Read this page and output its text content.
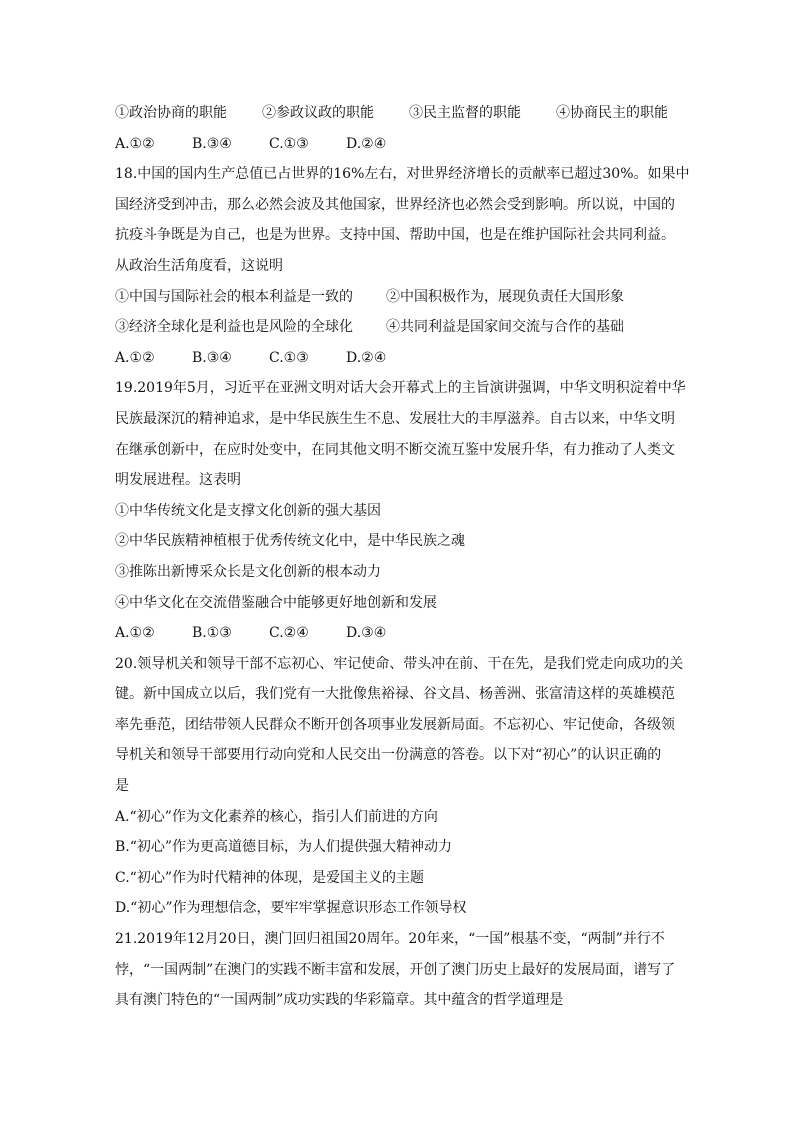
①政治协商的职能	②参政议政的职能	③民主监督的职能	④协商民主的职能
A.①②	B.③④	C.①③	D.②④
18.中国的国内生产总值已占世界的16%左右，对世界经济增长的贡献率已超过30%。如果中
国经济受到冲击，那么必然会波及其他国家，世界经济也必然会受到影响。所以说，中国的
抗疫斗争既是为自己，也是为世界。支持中国、帮助中国，也是在维护国际社会共同利益。
从政治生活角度看，这说明
①中国与国际社会的根本利益是一致的	②中国积极作为，展现负责任大国形象
③经济全球化是利益也是风险的全球化	④共同利益是国家间交流与合作的基础
A.①②	B.③④	C.①③	D.②④
19.2019年5月，习近平在亚洲文明对话大会开幕式上的主旨演讲强调，中华文明积淀着中华
民族最深沉的精神追求，是中华民族生生不息、发展壮大的丰厚滋养。自古以来，中华文明
在继承创新中，在应时处变中，在同其他文明不断交流互鉴中发展升华，有力推动了人类文
明发展进程。这表明
①中华传统文化是支撑文化创新的强大基因
②中华民族精神植根于优秀传统文化中，是中华民族之魂
③推陈出新博采众长是文化创新的根本动力
④中华文化在交流借鉴融合中能够更好地创新和发展
A.①②	B.①③	C.②④	D.③④
20.领导机关和领导干部不忘初心、牢记使命、带头冲在前、干在先，是我们党走向成功的关
键。新中国成立以后，我们党有一大批像焦裕禄、谷文昌、杨善洲、张富清这样的英雄模范
率先垂范，团结带领人民群众不断开创各项事业发展新局面。不忘初心、牢记使命，各级领
导机关和领导干部要用行动向党和人民交出一份满意的答卷。以下对“初心”的认识正确的
是
A.“初心”作为文化素养的核心，指引人们前进的方向
B.“初心”作为更高道德目标，为人们提供强大精神动力
C.“初心”作为时代精神的体现，是爱国主义的主题
D.“初心”作为理想信念，要牢牢掌握意识形态工作领导权
21.2019年12月20日，澳门回归祖国20周年。20年来，“一国”根基不变，“两制”并行不
悖，“一国两制”在澳门的实践不断丰富和发展，开创了澳门历史上最好的发展局面，谱写了
具有澳门特色的“一国两制”成功实践的华彩篇章。其中蕴含的哲学道理是
